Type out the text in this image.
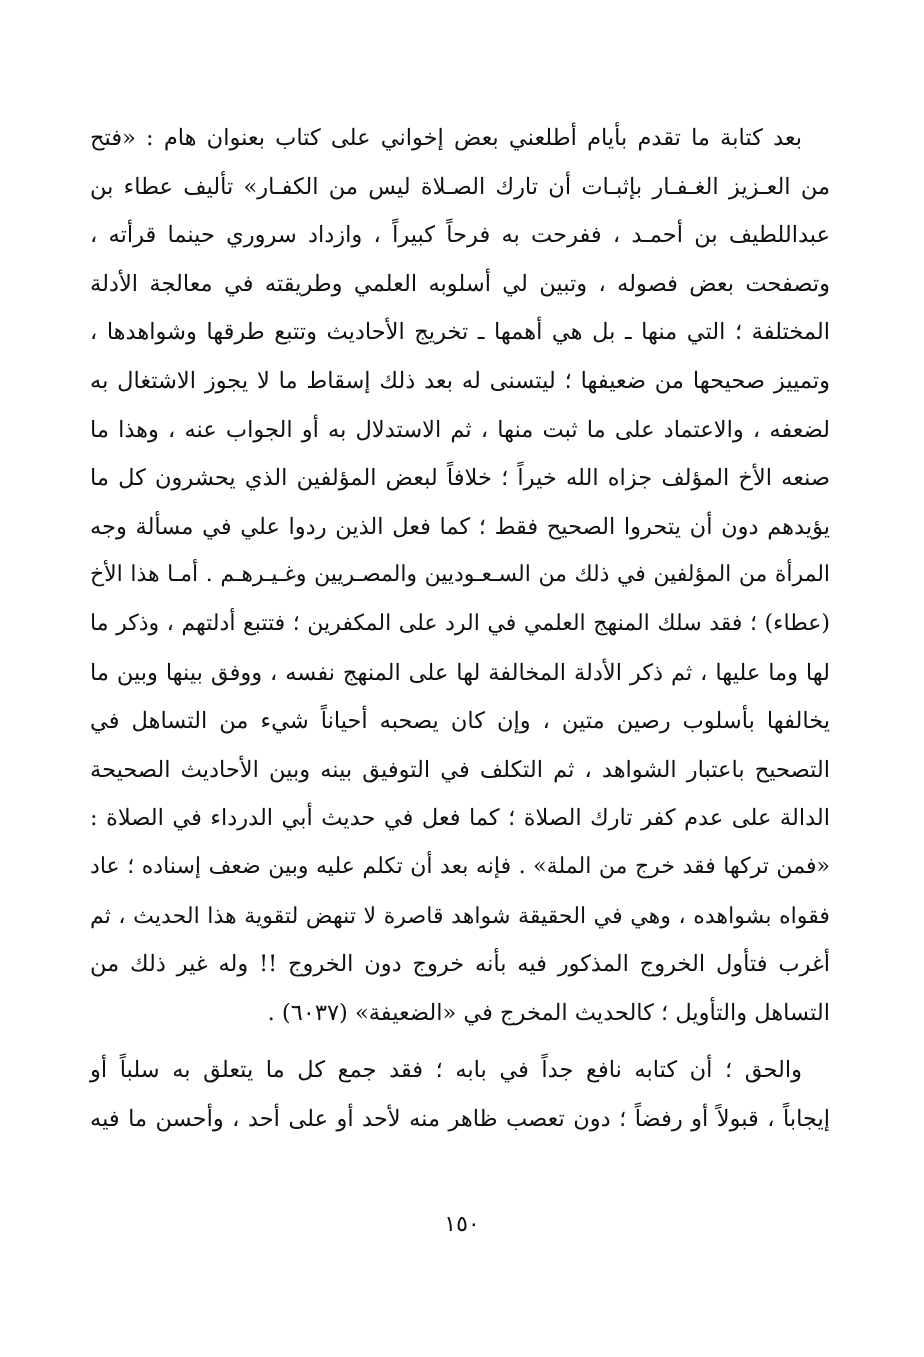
بعد كتابة ما تقدم بأيام أطلعني بعض إخواني على كتاب بعنوان هام : «فتح
من العـزيز الغـفـار بإثبـات أن تارك الصـلاة ليس من الكفـار» تأليف عطاء بن
عبداللطيف بن أحمـد ، ففرحت به فرحاً كبيراً ، وازداد سروري حينما قرأته ،
وتصفحت بعض فصوله ، وتبين لي أسلوبه العلمي وطريقته في معالجة الأدلة
المختلفة ؛ التي منها ـ بل هي أهمها ـ تخريج الأحاديث وتتبع طرقها وشواهدها ،
وتمييز صحيحها من ضعيفها ؛ ليتسنى له بعد ذلك إسقاط ما لا يجوز الاشتغال به
لضعفه ، والاعتماد على ما ثبت منها ، ثم الاستدلال به أو الجواب عنه ، وهذا ما
صنعه الأخ المؤلف جزاه الله خيراً ؛ خلافاً لبعض المؤلفين الذي يحشرون كل ما
يؤيدهم دون أن يتحروا الصحيح فقط ؛ كما فعل الذين ردوا علي في مسألة وجه
المرأة من المؤلفين في ذلك من السـعـوديين والمصـريين وغـيـرهـم . أمـا هذا الأخ
(عطاء) ؛ فقد سلك المنهج العلمي في الرد على المكفرين ؛ فتتبع أدلتهم ، وذكر ما
لها وما عليها ، ثم ذكر الأدلة المخالفة لها على المنهج نفسه ، ووفق بينها وبين ما
يخالفها بأسلوب رصين متين ، وإن كان يصحبه أحياناً شيء من التساهل في
التصحيح باعتبار الشواهد ، ثم التكلف في التوفيق بينه وبين الأحاديث الصحيحة
الدالة على عدم كفر تارك الصلاة ؛ كما فعل في حديث أبي الدرداء في الصلاة :
«فمن تركها فقد خرج من الملة» . فإنه بعد أن تكلم عليه وبين ضعف إسناده ؛ عاد
فقواه بشواهده ، وهي في الحقيقة شواهد قاصرة لا تنهض لتقوية هذا الحديث ، ثم
أغرب فتأول الخروج المذكور فيه بأنه خروج دون الخروج !! وله غير ذلك من
التساهل والتأويل ؛ كالحديث المخرج في «الضعيفة» (٦٠٣٧) .
والحق ؛ أن كتابه نافع جداً في بابه ؛ فقد جمع كل ما يتعلق به سلباً أو
إيجاباً ، قبولاً أو رفضاً ؛ دون تعصب ظاهر منه لأحد أو على أحد ، وأحسن ما فيه
١٥٠
